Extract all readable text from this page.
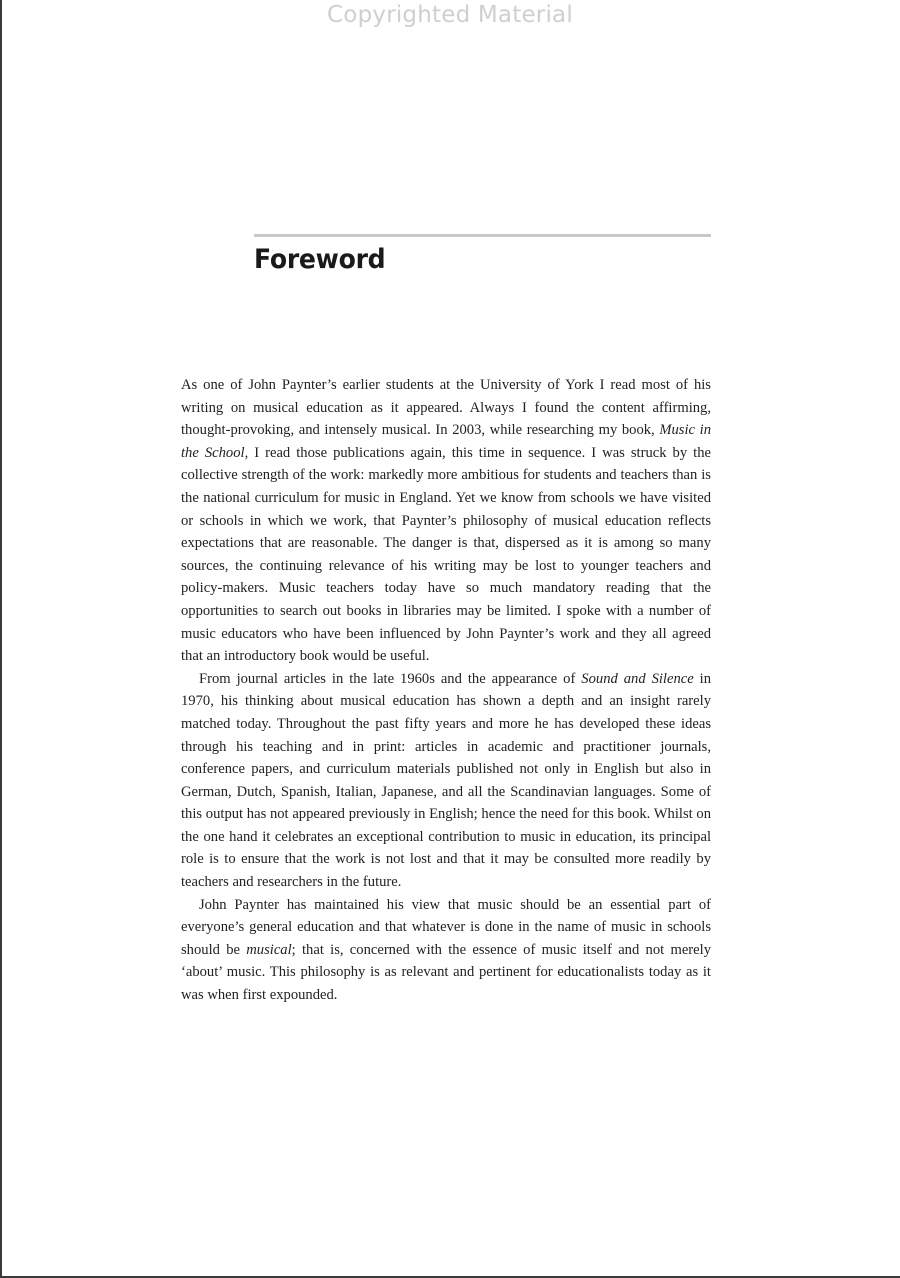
Copyrighted Material
Foreword

As one of John Paynter’s earlier students at the University of York I read most of his writing on musical education as it appeared. Always I found the content affirming, thought-provoking, and intensely musical. In 2003, while researching my book, Music in the School, I read those publications again, this time in sequence. I was struck by the collective strength of the work: markedly more ambitious for students and teachers than is the national curriculum for music in England. Yet we know from schools we have visited or schools in which we work, that Paynter’s philosophy of musical education reflects expectations that are reasonable. The danger is that, dispersed as it is among so many sources, the continuing relevance of his writing may be lost to younger teachers and policy-makers. Music teachers today have so much mandatory reading that the opportunities to search out books in libraries may be limited. I spoke with a number of music educators who have been influenced by John Paynter’s work and they all agreed that an introductory book would be useful.

From journal articles in the late 1960s and the appearance of Sound and Silence in 1970, his thinking about musical education has shown a depth and an insight rarely matched today. Throughout the past fifty years and more he has developed these ideas through his teaching and in print: articles in academic and practitioner journals, conference papers, and curriculum materials published not only in English but also in German, Dutch, Spanish, Italian, Japanese, and all the Scandinavian languages. Some of this output has not appeared previously in English; hence the need for this book. Whilst on the one hand it celebrates an exceptional contribution to music in education, its principal role is to ensure that the work is not lost and that it may be consulted more readily by teachers and researchers in the future.

John Paynter has maintained his view that music should be an essential part of everyone’s general education and that whatever is done in the name of music in schools should be musical; that is, concerned with the essence of music itself and not merely ‘about’ music. This philosophy is as relevant and pertinent for educationalists today as it was when first expounded.
